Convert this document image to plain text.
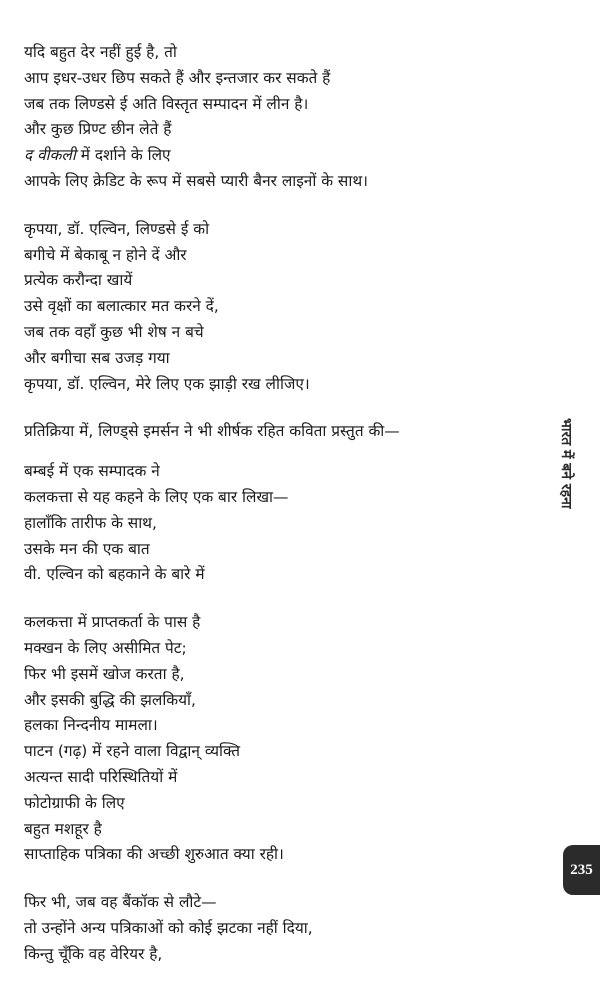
यदि बहुत देर नहीं हुई है, तो
आप इधर-उधर छिप सकते हैं और इन्तजार कर सकते हैं
जब तक लिण्डसे ई अति विस्तृत सम्पादन में लीन है।
और कुछ प्रिण्ट छीन लेते हैं
द वीकली में दर्शाने के लिए
आपके लिए क्रेडिट के रूप में सबसे प्यारी बैनर लाइनों के साथ।
कृपया, डॉ. एल्विन, लिण्डसे ई को
बगीचे में बेकाबू न होने दें और
प्रत्येक करौन्दा खायें
उसे वृक्षों का बलात्कार मत करने दें,
जब तक वहाँ कुछ भी शेष न बचे
और बगीचा सब उजड़ गया
कृपया, डॉ. एल्विन, मेरे लिए एक झाड़ी रख लीजिए।
प्रतिक्रिया में, लिण्ड्से इमर्सन ने भी शीर्षक रहित कविता प्रस्तुत की—
बम्बई में एक सम्पादक ने
कलकत्ता से यह कहने के लिए एक बार लिखा—
हालाँकि तारीफ के साथ,
उसके मन की एक बात
वी. एल्विन को बहकाने के बारे में
कलकत्ता में प्राप्तकर्ता के पास है
मक्खन के लिए असीमित पेट;
फिर भी इसमें खोज करता है,
और इसकी बुद्धि की झलकियाँ,
हलका निन्दनीय मामला।
पाटन (गढ़) में रहने वाला विद्वान् व्यक्ति
अत्यन्त सादी परिस्थितियों में
फोटोग्राफी के लिए
बहुत मशहूर है
साप्ताहिक पत्रिका की अच्छी शुरुआत क्या रही।
फिर भी, जब वह बैंकॉक से लौटे—
तो उन्होंने अन्य पत्रिकाओं को कोई झटका नहीं दिया,
किन्तु चूँकि वह वेरियर है,
भारत में बने रहना
235
